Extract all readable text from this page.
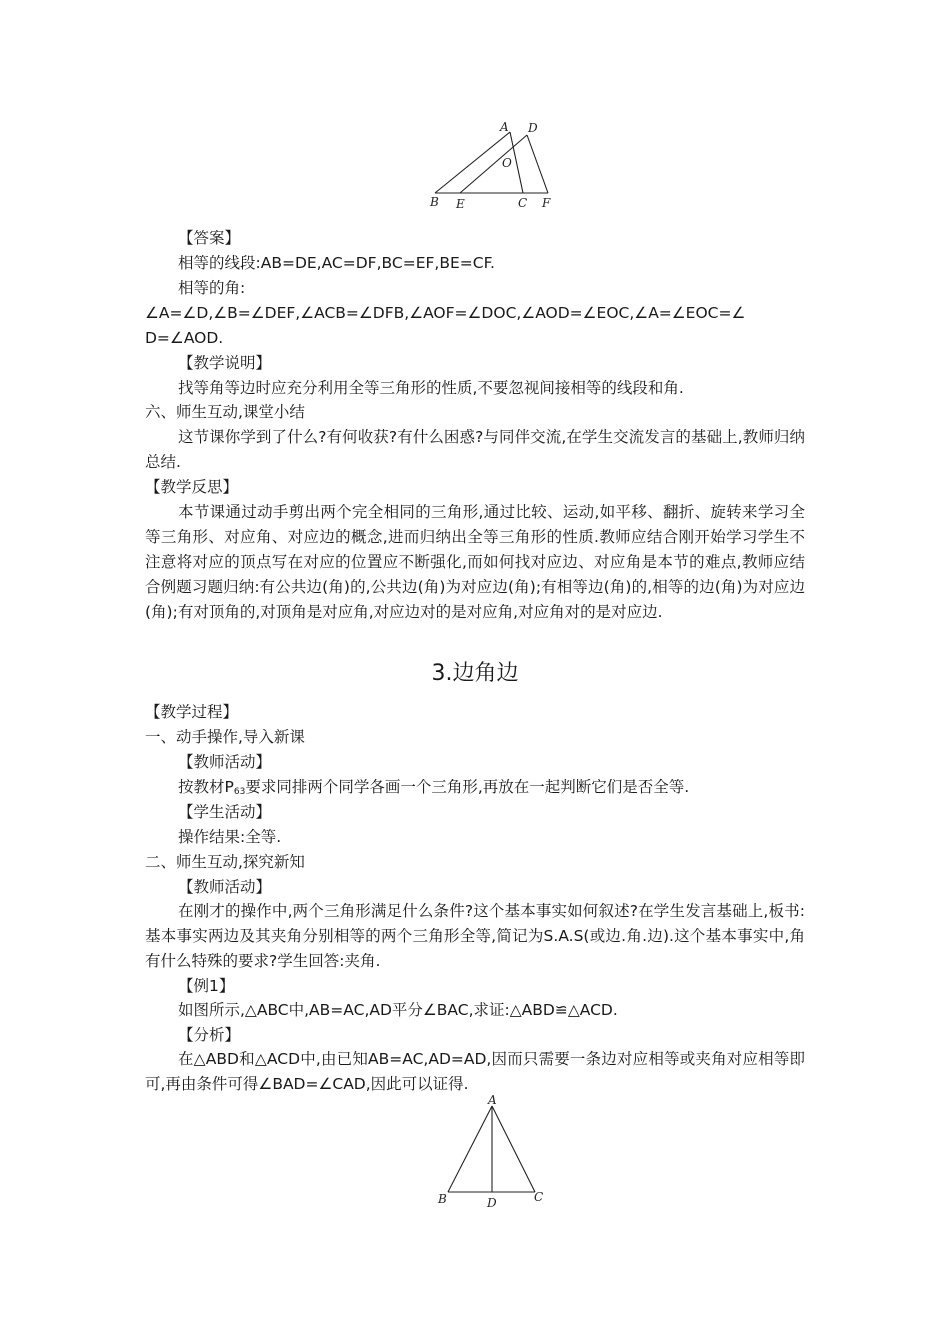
A D
O
B E	C F
【答案】
相等的线段:AB=DE,AC=DF,BC=EF,BE=CF.
相等的角:
∠A=∠D,∠B=∠DEF,∠ACB=∠DFB,∠AOF=∠DOC,∠AOD=∠EOC,∠A=∠EOC=∠
D=∠AOD.
【教学说明】
找等角等边时应充分利用全等三角形的性质,不要忽视间接相等的线段和角.
六、师生互动,课堂小结
这节课你学到了什么?有何收获?有什么困惑?与同伴交流,在学生交流发言的基础上,教师归纳总结.
【教学反思】
本节课通过动手剪出两个完全相同的三角形,通过比较、运动,如平移、翻折、旋转来学习全等三角形、对应角、对应边的概念,进而归纳出全等三角形的性质.教师应结合刚开始学习学生不注意将对应的顶点写在对应的位置应不断强化,而如何找对应边、对应角是本节的难点,教师应结合例题习题归纳:有公共边(角)的,公共边(角)为对应边(角);有相等边(角)的,相等的边(角)为对应边(角);有对顶角的,对顶角是对应角,对应边对的是对应角,对应角对的是对应边.
3.边角边
【教学过程】
一、动手操作,导入新课
【教师活动】
按教材$P_{63}$要求同排两个同学各画一个三角形,再放在一起判断它们是否全等.
【学生活动】
操作结果:全等.
二、师生互动,探究新知
【教师活动】
在刚才的操作中,两个三角形满足什么条件?这个基本事实如何叙述?在学生发言基础上,板书:基本事实两边及其夹角分别相等的两个三角形全等,简记为S.A.S(或边.角.边).这个基本事实中,角有什么特殊的要求?学生回答:夹角.
【例1】
如图所示,△ABC中,AB=AC,AD平分∠BAC,求证:△ABD≌△ACD.
【分析】
在△ABD和△ACD中,由已知AB=AC,AD=AD,因而只需要一条边对应相等或夹角对应相等即可,再由条件可得∠BAD=∠CAD,因此可以证得.
A
B	D	C
